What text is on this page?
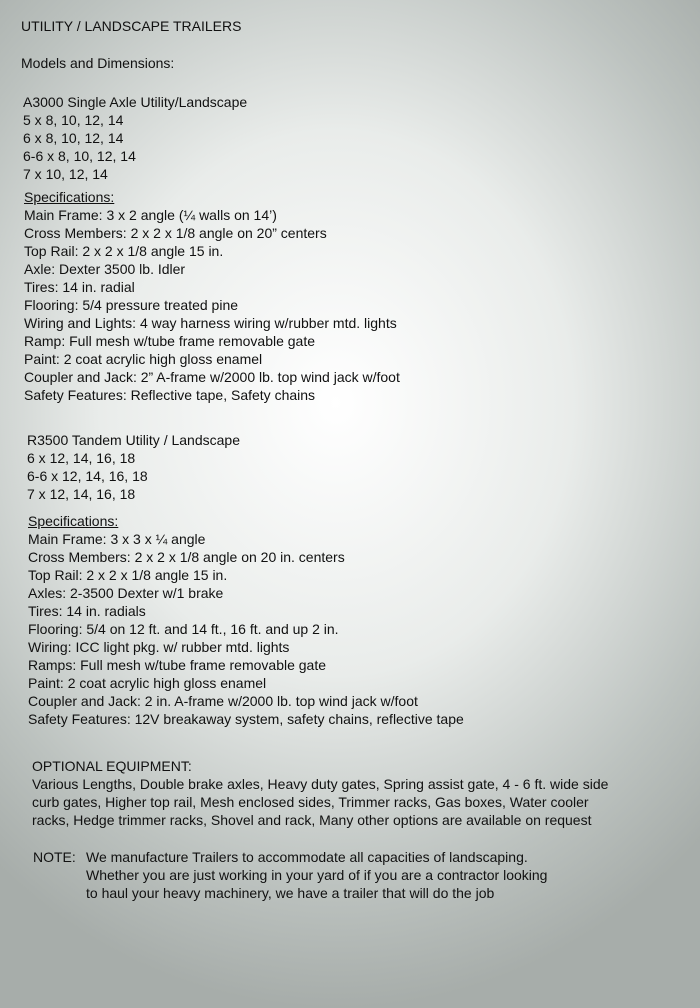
UTILITY / LANDSCAPE TRAILERS
Models and Dimensions:
A3000 Single Axle Utility/Landscape
5 x 8, 10, 12, 14
6 x 8, 10, 12, 14
6-6 x 8, 10, 12, 14
7 x 10, 12, 14
Specifications:
Main Frame: 3 x 2 angle (¼ walls on 14’)
Cross Members: 2 x 2 x 1/8 angle on 20” centers
Top Rail: 2 x 2 x 1/8 angle 15 in.
Axle: Dexter 3500 lb. Idler
Tires: 14 in. radial
Flooring: 5/4 pressure treated pine
Wiring and Lights: 4 way harness wiring w/rubber mtd. lights
Ramp: Full mesh w/tube frame removable gate
Paint: 2 coat acrylic high gloss enamel
Coupler and Jack: 2” A-frame w/2000 lb. top wind jack w/foot
Safety Features: Reflective tape, Safety chains
R3500 Tandem Utility / Landscape
6 x 12, 14, 16, 18
6-6 x 12, 14, 16, 18
7 x 12, 14, 16, 18
Specifications:
Main Frame: 3 x 3 x ¼ angle
Cross Members: 2 x 2 x 1/8 angle on 20 in. centers
Top Rail: 2 x 2 x 1/8 angle 15 in.
Axles: 2-3500 Dexter w/1 brake
Tires: 14 in. radials
Flooring: 5/4 on 12 ft. and 14 ft., 16 ft. and up 2 in.
Wiring: ICC light pkg. w/ rubber mtd. lights
Ramps: Full mesh w/tube frame removable gate
Paint: 2 coat acrylic high gloss enamel
Coupler and Jack: 2 in. A-frame w/2000 lb. top wind jack w/foot
Safety Features: 12V breakaway system, safety chains, reflective tape
OPTIONAL EQUIPMENT:
Various Lengths, Double brake axles, Heavy duty gates, Spring assist gate, 4 - 6 ft. wide side
curb gates, Higher top rail, Mesh enclosed sides, Trimmer racks, Gas boxes, Water cooler
racks, Hedge trimmer racks, Shovel and rack, Many other options are available on request
NOTE: We manufacture Trailers to accommodate all capacities of landscaping.
Whether you are just working in your yard of if you are a contractor looking
to haul your heavy machinery, we have a trailer that will do the job
